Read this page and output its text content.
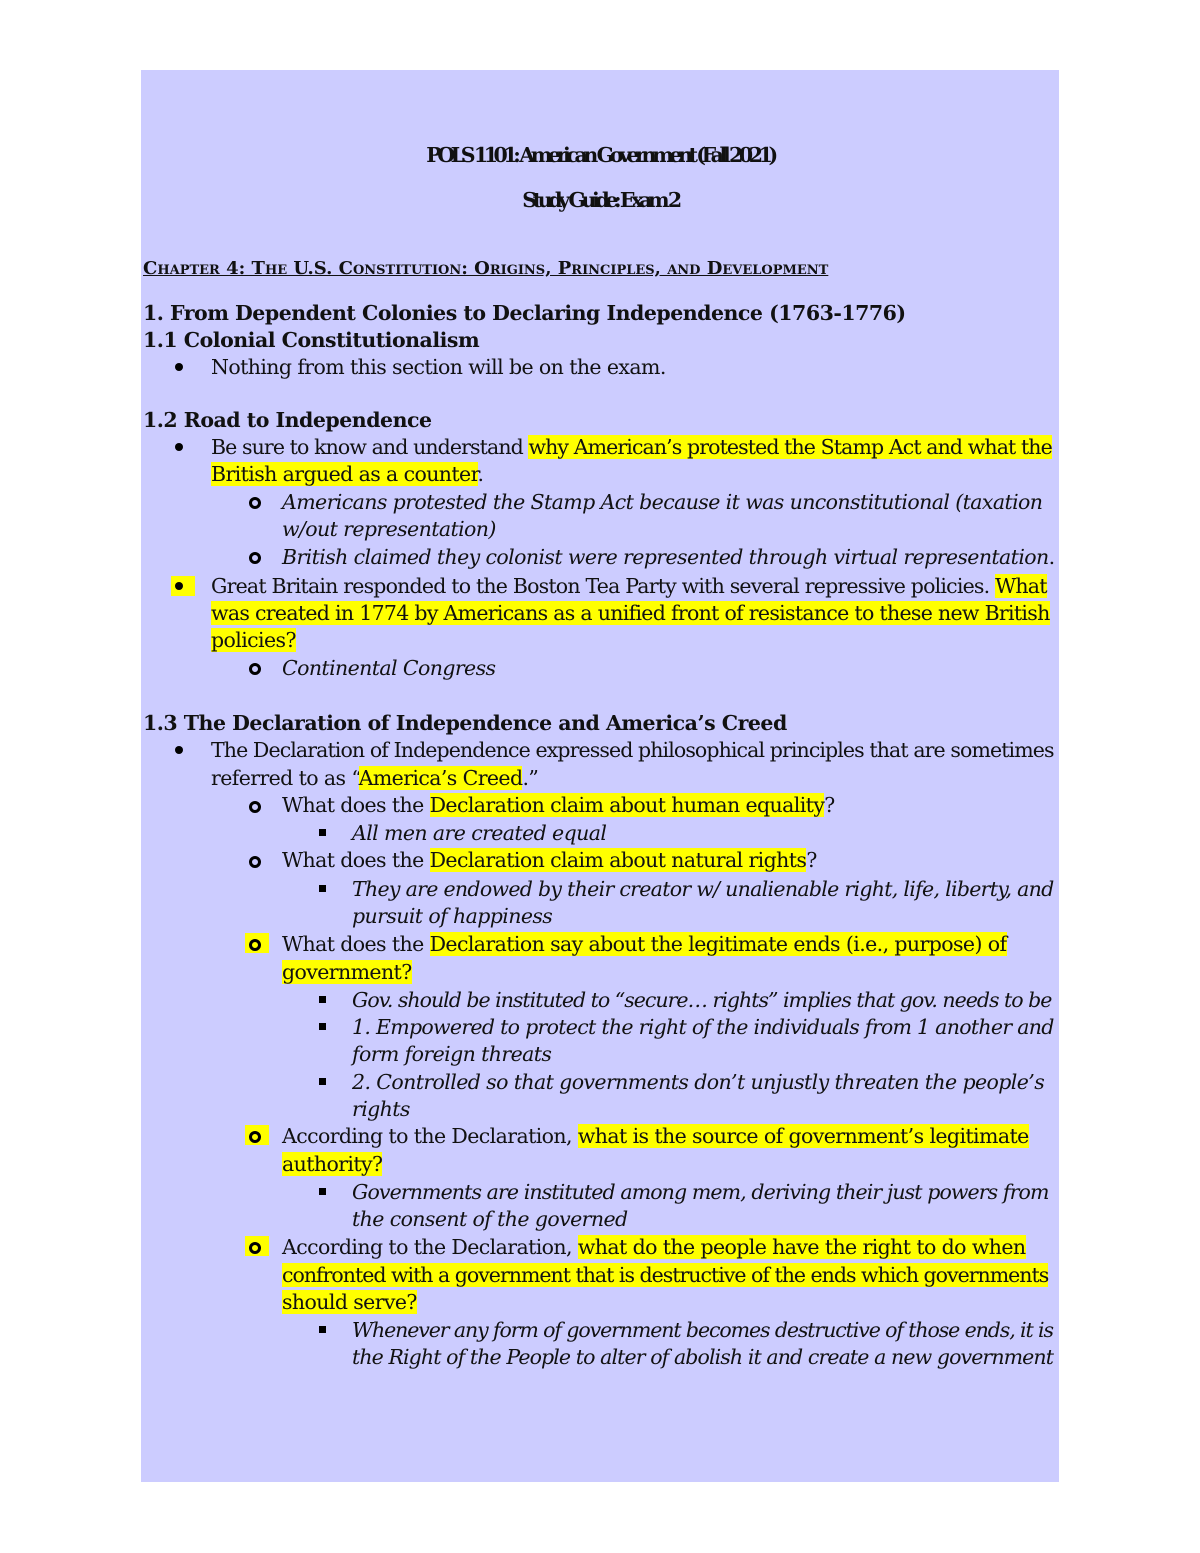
POLS 1101: American Government (Fall 2021)
Study Guide: Exam 2
Chapter 4: The U.S. Constitution: Origins, Principles, and Development
1. From Dependent Colonies to Declaring Independence (1763-1776)
1.1 Colonial Constitutionalism
Nothing from this section will be on the exam.
1.2 Road to Independence
Be sure to know and understand why American’s protested the Stamp Act and what the
British argued as a counter.
Americans protested the Stamp Act because it was unconstitutional (taxation
w/out representation)
British claimed they colonist were represented through virtual representation.
Great Britain responded to the Boston Tea Party with several repressive policies. What
was created in 1774 by Americans as a unified front of resistance to these new British
policies?
Continental Congress
1.3 The Declaration of Independence and America’s Creed
The Declaration of Independence expressed philosophical principles that are sometimes
referred to as “America’s Creed.”
What does the Declaration claim about human equality?
All men are created equal
What does the Declaration claim about natural rights?
They are endowed by their creator w/ unalienable right, life, liberty, and
pursuit of happiness
What does the Declaration say about the legitimate ends (i.e., purpose) of
government?
Gov. should be instituted to “secure… rights” implies that gov. needs to be
1. Empowered to protect the right of the individuals from 1 another and
form foreign threats
2. Controlled so that governments don’t unjustly threaten the people’s
rights
According to the Declaration, what is the source of government’s legitimate
authority?
Governments are instituted among mem, deriving their just powers from
the consent of the governed
According to the Declaration, what do the people have the right to do when
confronted with a government that is destructive of the ends which governments
should serve?
Whenever any form of government becomes destructive of those ends, it is
the Right of the People to alter of abolish it and create a new government
